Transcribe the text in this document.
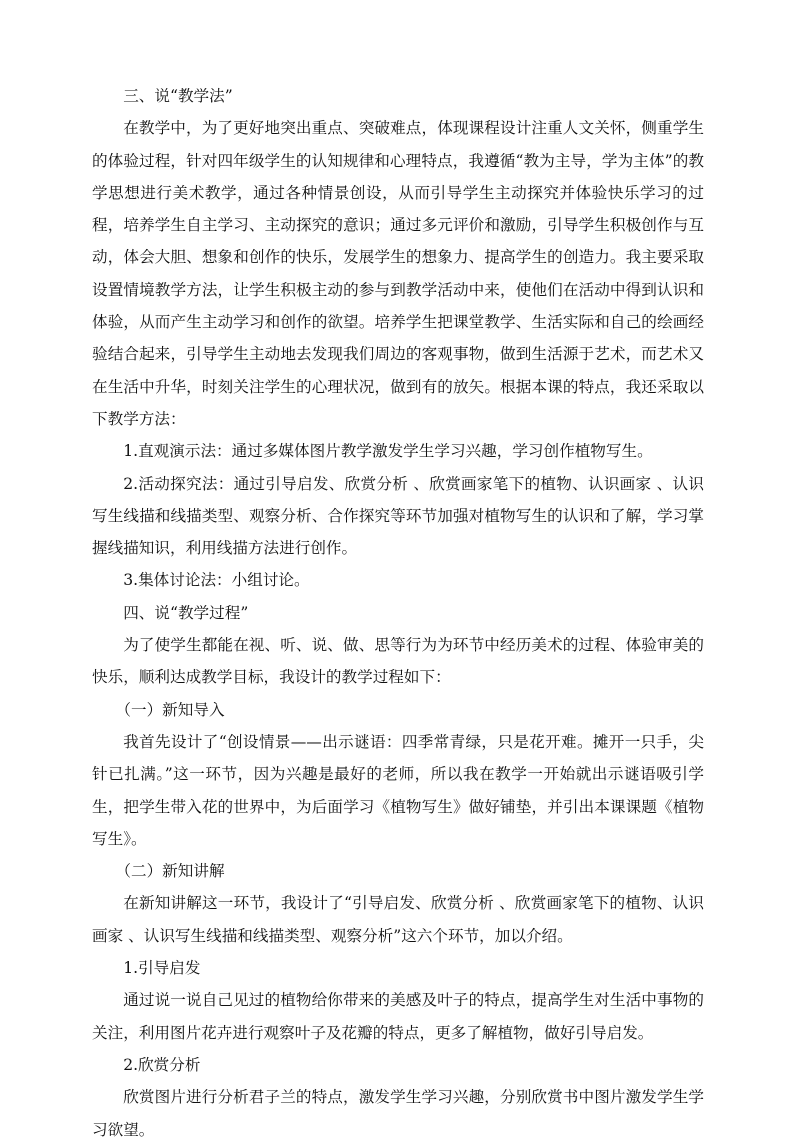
三、说“教学法”

在教学中，为了更好地突出重点、突破难点，体现课程设计注重人文关怀，侧重学生的体验过程，针对四年级学生的认知规律和心理特点，我遵循“教为主导，学为主体”的教学思想进行美术教学，通过各种情景创设，从而引导学生主动探究并体验快乐学习的过程，培养学生自主学习、主动探究的意识；通过多元评价和激励，引导学生积极创作与互动，体会大胆、想象和创作的快乐，发展学生的想象力、提高学生的创造力。我主要采取设置情境教学方法，让学生积极主动的参与到教学活动中来，使他们在活动中得到认识和体验，从而产生主动学习和创作的欲望。培养学生把课堂教学、生活实际和自己的绘画经验结合起来，引导学生主动地去发现我们周边的客观事物，做到生活源于艺术，而艺术又在生活中升华，时刻关注学生的心理状况，做到有的放矢。根据本课的特点，我还采取以下教学方法：

1.直观演示法：通过多媒体图片教学激发学生学习兴趣，学习创作植物写生。

2.活动探究法：通过引导启发、欣赏分析 、欣赏画家笔下的植物、认识画家 、认识写生线描和线描类型、观察分析、合作探究等环节加强对植物写生的认识和了解，学习掌握线描知识，利用线描方法进行创作。

3.集体讨论法：小组讨论。

四、说“教学过程”

为了使学生都能在视、听、说、做、思等行为为环节中经历美术的过程、体验审美的快乐，顺利达成教学目标，我设计的教学过程如下：

（一）新知导入

我首先设计了“创设情景——出示谜语：四季常青绿，只是花开难。摊开一只手，尖针已扎满。”这一环节，因为兴趣是最好的老师，所以我在教学一开始就出示谜语吸引学生，把学生带入花的世界中，为后面学习《植物写生》做好铺垫，并引出本课课题《植物写生》。

（二）新知讲解

在新知讲解这一环节，我设计了“引导启发、欣赏分析 、欣赏画家笔下的植物、认识画家 、认识写生线描和线描类型、观察分析”这六个环节，加以介绍。

1.引导启发

通过说一说自己见过的植物给你带来的美感及叶子的特点，提高学生对生活中事物的关注，利用图片花卉进行观察叶子及花瓣的特点，更多了解植物，做好引导启发。

2.欣赏分析

欣赏图片进行分析君子兰的特点，激发学生学习兴趣，分别欣赏书中图片激发学生学习欲望。
